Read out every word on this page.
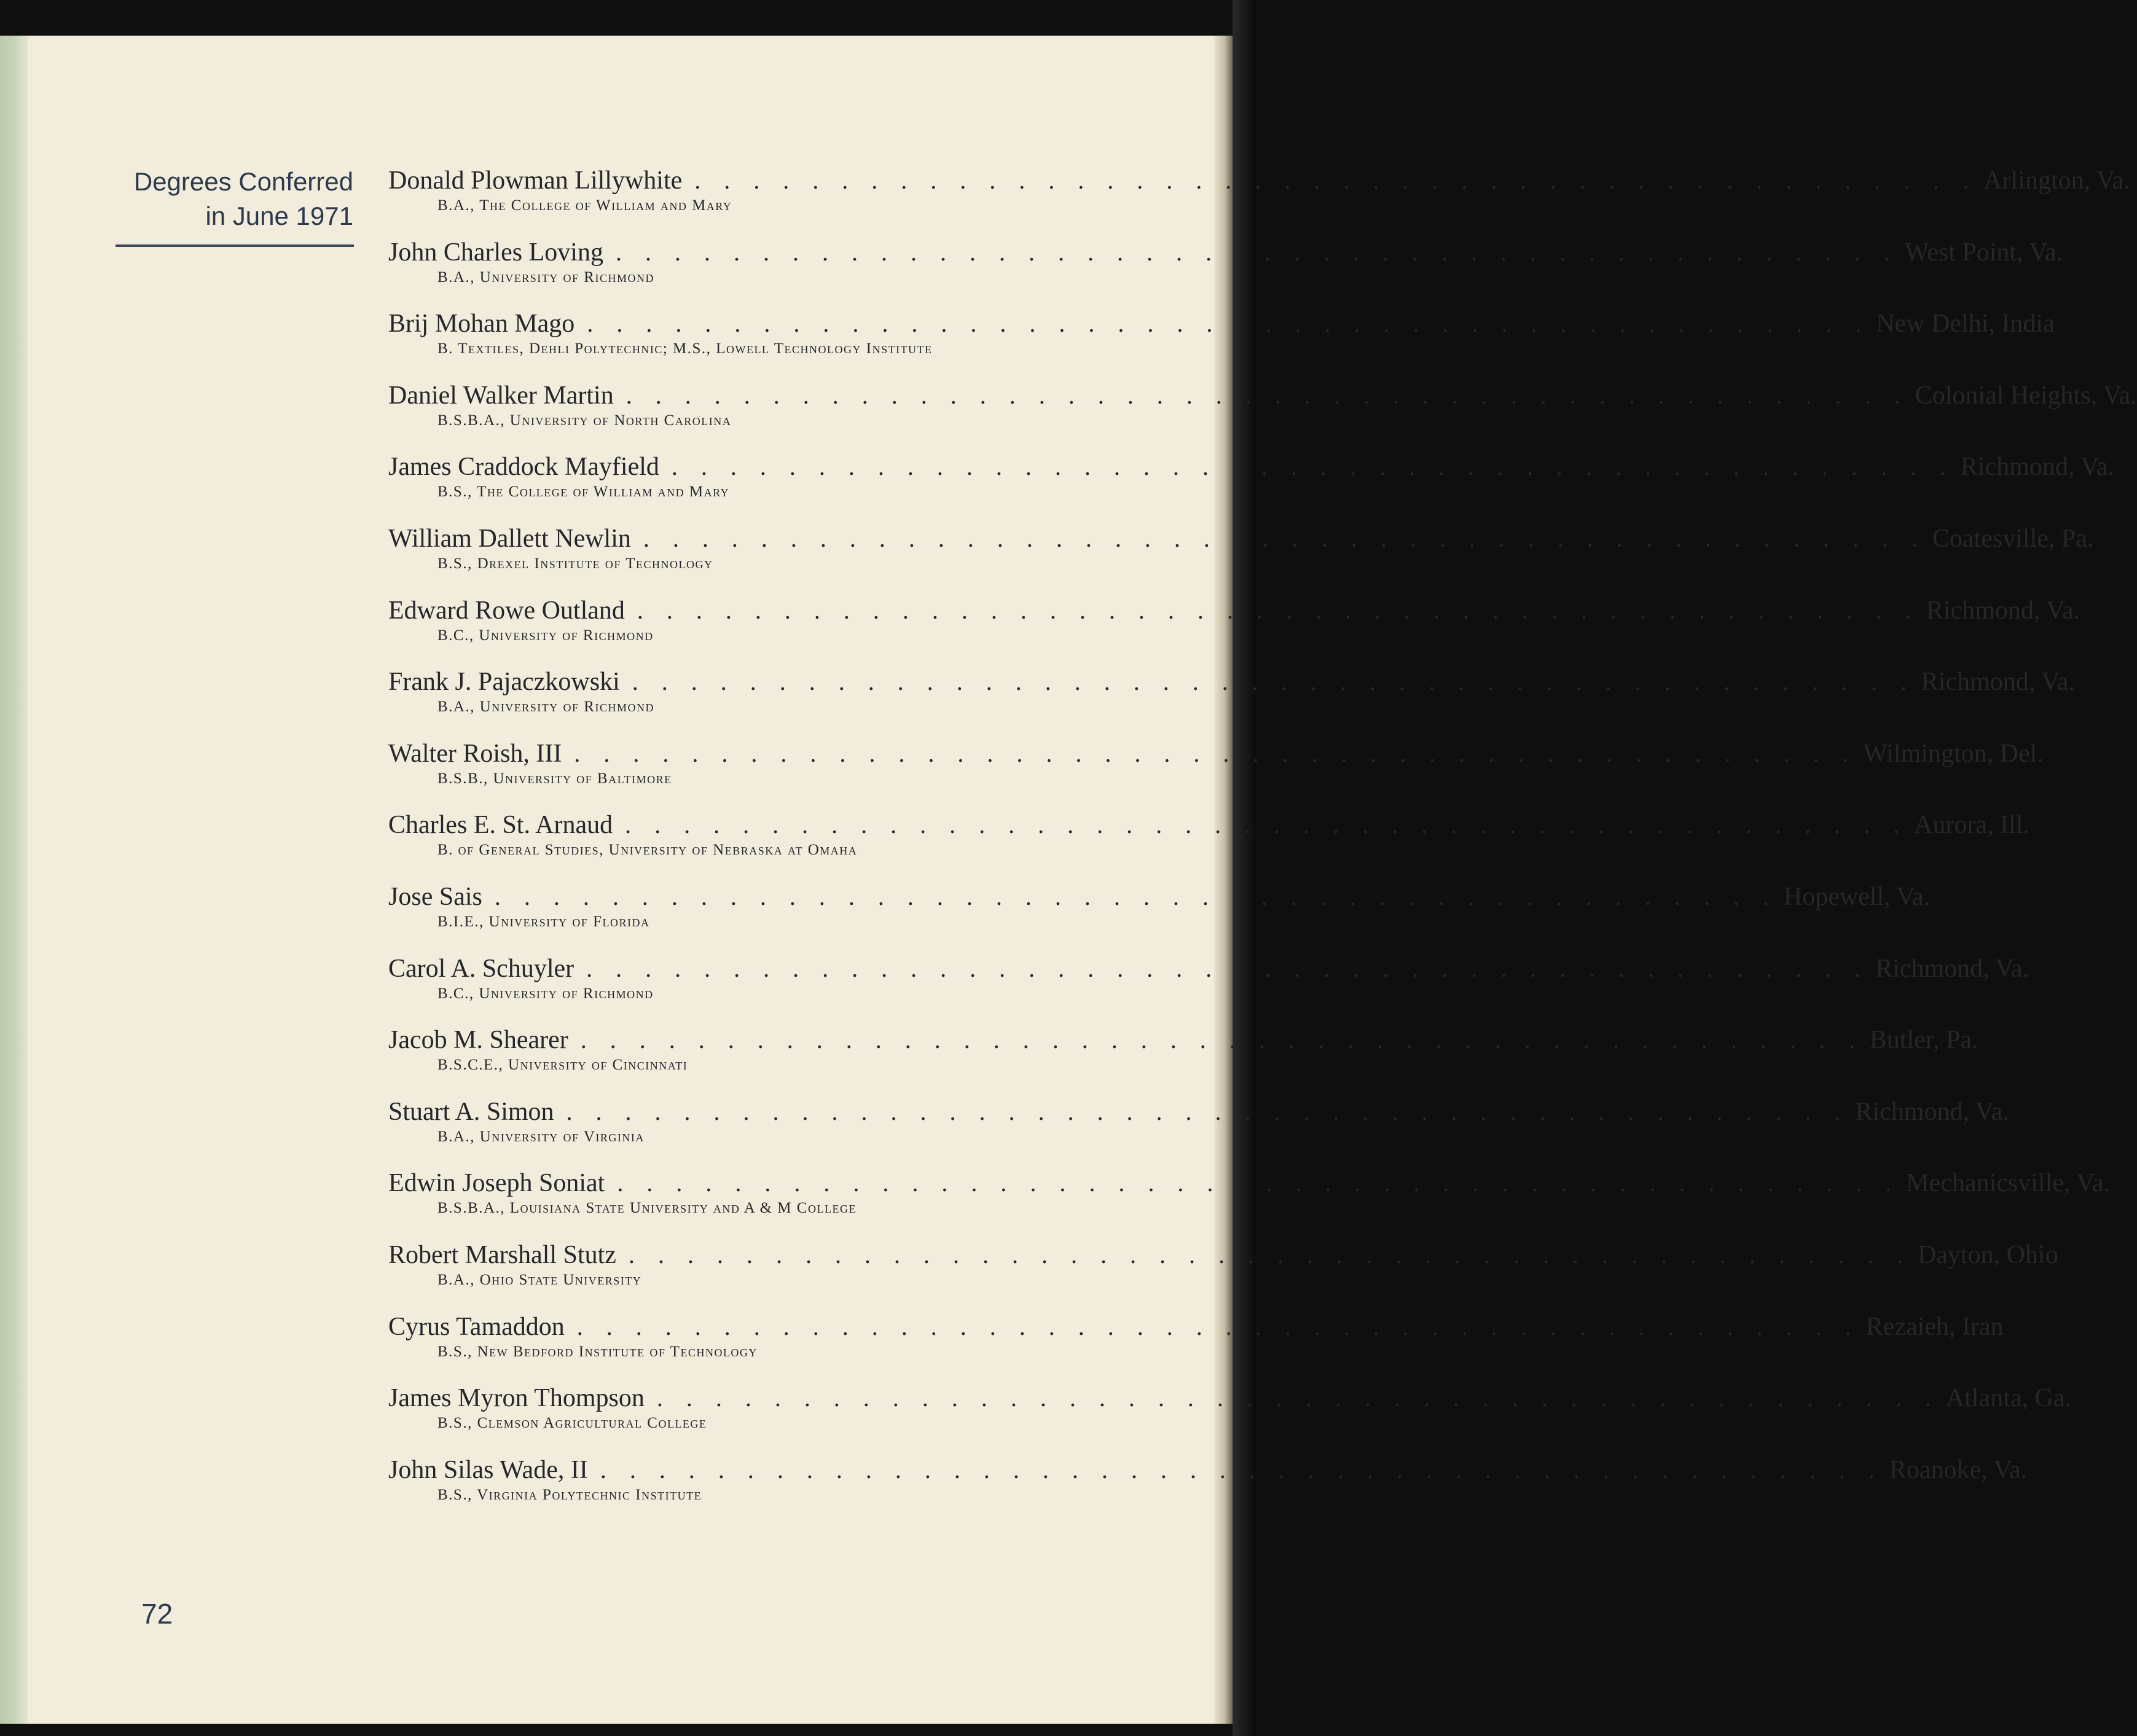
Degrees Conferred
in June 1971
Donald Plowman Lillywhite . . . . . . . . . . . . . . . . . . . . . . . . . . . . . . . . . . . . . . . . . . . . Arlington, Va.
B.A., The College of William and Mary
John Charles Loving . . . . . . . . . . . . . . . . . . . . . . . . . . . . . . . . . . . . . . . . . . . . West Point, Va.
B.A., University of Richmond
Brij Mohan Mago . . . . . . . . . . . . . . . . . . . . . . . . . . . . . . . . . . . . . . . . . . . . New Delhi, India
B. Textiles, Dehli Polytechnic; M.S., Lowell Technology Institute
Daniel Walker Martin . . . . . . . . . . . . . . . . . . . . . . . . . . . . . . . . . . . . . . . . . . . . Colonial Heights, Va.
B.S.B.A., University of North Carolina
James Craddock Mayfield . . . . . . . . . . . . . . . . . . . . . . . . . . . . . . . . . . . . . . . . . . . . Richmond, Va.
B.S., The College of William and Mary
William Dallett Newlin . . . . . . . . . . . . . . . . . . . . . . . . . . . . . . . . . . . . . . . . . . . . Coatesville, Pa.
B.S., Drexel Institute of Technology
Edward Rowe Outland . . . . . . . . . . . . . . . . . . . . . . . . . . . . . . . . . . . . . . . . . . . . Richmond, Va.
B.C., University of Richmond
Frank J. Pajaczkowski . . . . . . . . . . . . . . . . . . . . . . . . . . . . . . . . . . . . . . . . . . . . Richmond, Va.
B.A., University of Richmond
Walter Roish, III . . . . . . . . . . . . . . . . . . . . . . . . . . . . . . . . . . . . . . . . . . . . Wilmington, Del.
B.S.B., University of Baltimore
Charles E. St. Arnaud . . . . . . . . . . . . . . . . . . . . . . . . . . . . . . . . . . . . . . . . . . . . Aurora, Ill.
B. of General Studies, University of Nebraska at Omaha
Jose Sais . . . . . . . . . . . . . . . . . . . . . . . . . . . . . . . . . . . . . . . . . . . . Hopewell, Va.
B.I.E., University of Florida
Carol A. Schuyler . . . . . . . . . . . . . . . . . . . . . . . . . . . . . . . . . . . . . . . . . . . . Richmond, Va.
B.C., University of Richmond
Jacob M. Shearer . . . . . . . . . . . . . . . . . . . . . . . . . . . . . . . . . . . . . . . . . . . . Butler, Pa.
B.S.C.E., University of Cincinnati
Stuart A. Simon . . . . . . . . . . . . . . . . . . . . . . . . . . . . . . . . . . . . . . . . . . . . Richmond, Va.
B.A., University of Virginia
Edwin Joseph Soniat . . . . . . . . . . . . . . . . . . . . . . . . . . . . . . . . . . . . . . . . . . . . Mechanicsville, Va.
B.S.B.A., Louisiana State University and A & M College
Robert Marshall Stutz . . . . . . . . . . . . . . . . . . . . . . . . . . . . . . . . . . . . . . . . . . . . Dayton, Ohio
B.A., Ohio State University
Cyrus Tamaddon . . . . . . . . . . . . . . . . . . . . . . . . . . . . . . . . . . . . . . . . . . . . Rezaieh, Iran
B.S., New Bedford Institute of Technology
James Myron Thompson . . . . . . . . . . . . . . . . . . . . . . . . . . . . . . . . . . . . . . . . . . . . Atlanta, Ga.
B.S., Clemson Agricultural College
John Silas Wade, II . . . . . . . . . . . . . . . . . . . . . . . . . . . . . . . . . . . . . . . . . . . . Roanoke, Va.
B.S., Virginia Polytechnic Institute
72
